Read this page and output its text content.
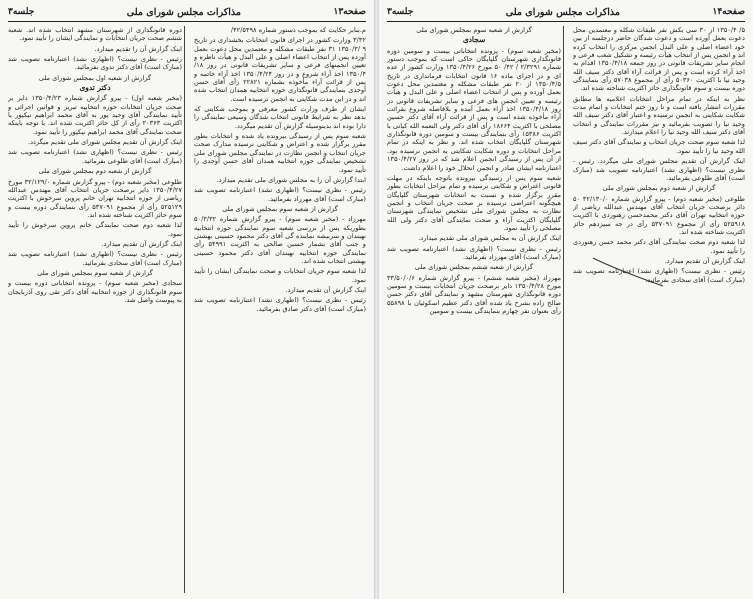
صفحه۱۳
مذاکرات مجلس شورای ملی
جلسه۳
م.بنابر حکایت که بموجب دستور شماره ۴۲/۵۴۹۸/
۳/۳۲ وزارت کشور در اجرای قانون انتخابات بخشداری در تاریخ ۹ /۱۳۵۰/۳ ۳۱ نفر طبقات مشکله و معتمدین محل دعوت بعمل آورده پس از انتخاب اعضاء اصلی و علی البدل و هیأت ناظره و تعیین انجمنهای فرعی و سایر تشریفات قانونی در روز ۱۸/ ۱۳۵۰/۴ اخذ آراء شروع و در روز ۱۳۵۰/۴/۲۴ اخذ آراء خاتمه و پس از قرائت آراء مأخوذه بشماره ۲۲۸۲۱ رأی آقای حسن آوجدی بنمایندگی قانونگذاری حوزه انتخابیه همدان انتخاب شده اند و در این مدت شکایتی به انجمن نرسیده است.
ایشان از طرف وزارت کشور معرفی و بموجب شکایتی که بدهد نظر به شرایط قانونی انتخاب شدگان وسیعی نمایندگی را دارا بوده اند بدینوسیله گزارش آن تقدیم میگردد.
شعبه سوم پس از رسیدگی بپرونده یاد شده و انتخابات بطور مقرر برگزار شده و اعتراض و شکایتی نرسیده مدارک صحت جریان انتخاب و انجمن نظارت در نمایندگی مجلس شورای ملی تشخیص نمایندگی حوزه انتخابیه همدان آقای حسن آوجدی را تأیید نمود.
ابتدا گزارش آن را به مجلس شورای ملی تقدیم میدارد.
رئیس - نظری نیست؟ (اظهاری نشد) اعتبارنامه تصویب شد (مبارک است) آقای مهرزاد بفرمائید.
گزارش از شعبه سوم بمجلس شورای ملی
مهرزاد - (مخبر شعبه سوم) - پیرو گزارش شماره ۵۰/۳/۳۲ بطوریکه پس از بررسی شعبه سوم نمایندگی حوزه انتخابیه نهبندان و سربیشه نماینده گی آقای دکتر محمود حسینی بهشتی و جنب آقای بشمار حسین صالحی به اکثریت ۵۴۹۹۱ رأی نمایندگی حوزه انتخابیه نهبندان آقای دکتر محمود حسینی بهشتی انتخاب شده اند.
لذا شعبه سوم جریان انتخابات و صحت نمایندگی ایشان را تأیید نمود.
اینک گزارش آن تقدیم میدارد.
رئیس - نظری نیست؟ (اظهاری نشد) اعتبارنامه تصویب شد (مبارک است) آقای دکتر صادق بفرمائید.
دوره قانونگذاری از شهرستان مشهد انتخاب شده اند. شعبه ششم صحت جریان انتخابات و نمایندگی ایشان را تأیید نمود.
اینک گزارش آن را تقدیم میدارد.
رئیس - نظری نیست؟ (اظهاری نشد) اعتبارنامه تصویب شد (مبارک است) آقای دکتر تدوی بفرمائید.
گزارش از شعبه اول بمجلس شورای ملی
دکتر تدوی
(مخبر شعبه اول) - پیرو گزارش شماره ۱۳۵۰/۴/۲۳ دایر بر صحت جریان انتخابات حوزه انتخابیه تبریز و قوانین اجرائی و تأیید نمایندگی آقای وحید پور به آقای محمد ابراهیم نیکپور با اکثریت ۲۰۳۶۳ رأی از کل حائز اکثریت شده اند. با توجه باینکه صحت نمایندگی آقای محمد ابراهیم نیکپور را تأیید نمود.
اینک گزارش آن تقدیم مجلس شورای ملی تقدیم میگردد.
رئیس - نظری نیست؟ (اظهاری نشد) اعتبارنامه تصویب شد (مبارک است) آقای طلوعی بفرمائید.
گزارش از شعبه دوم بمجلس شورای ملی
طلوعی (مخبر شعبه دوم) - پیرو گزارش شماره ۳۲/۱۲۹/۰ مورخ ۱۳۵۰/۴/۲۷ دایر برصحت جریان انتخاب آقای مهندس عبدالله ریاضی از حوزه انتخابیه تهران خانم پروین سرخوش با اکثریت ۵۲۵۱۲۹ رأی از مجموع ۵۳۷۰۹۱ رأی بنمایندگی دوره بیست و سوم حائز اکثریت شناخته شده اند.
لذا شعبه دوم صحت نمایندگی خانم پروین سرخوش را تأیید نمود.
اینک گزارش آن تقدیم میدارد.
رئیس - نظری نیست؟ (اظهاری نشد) اعتبارنامه تصویب شد (مبارک است) آقای سجادی بفرمائید.
گزارش از شعبه سوم بمجلس شورای ملی
سجادی (مخبر شعبه سوم) - پرونده انتخاباتی دوره بیست و سوم قانونگذاری از حوزه انتخابیه آقای دکتر تقی روی آذربایجان به پیوست واصل شد.
صفحه۱۴
مذاکرات مجلس شورای ملی
جلسه۳
۵/ ۱۳۵۰/۴ از ۳۰ سی یکش نفر طبقات شکله و معتمدین محل دعوت بعمل آورده است و دعوت شدگان حاضر درجلسه از بین خود اعضاء اصلی و علی البدل انجمن مرکزی را انتخاب کرده اند و انجمن پس از انتخاب هیأت رئیسه و تشکیل شعب فرعی و انجام سایر تشریفات قانونی در روز جمعه ۱۳۵۰/۴/۱۸ اقدام به اخذ آراء کرده است و پس از قرائت آراء آقای دکتر سیف الله وحید نیا با اکثریت ۵۰۳۶۰ رأی از مجموع ۵۷۰۳۸ رأی بنمایندگی دوره بیست و سوم قانونگذاری حائز اکثریت شناخته شده اند.
نظر به اینکه در تمام مراحل انتخابات اعلامیه ها مطابق مقررات انتشار یافته است و تا روز ختم انتخابات و اتمام مدت شکایت شکایتی به انجمن نرسیده و اعتبار آقای دکتر سیف الله وحید نیا را تصویب بفرمائید و نیز مقررات نمایندگی و انتخاب آقای دکتر سیف الله وحید نیا را اعلام میدارند.
لذا شعبه سوم صحت جریان انتخاب و نمایندگی آقای دکتر سیف الله وحید نیا را تأیید نمود.
اینک گزارش آن تقدیم مجلس شورای ملی میگردد. رئیس - نظری نیست؟ (اظهاری نشد) اعتبارنامه تصویب شد (مبارک است) آقای طلوعی بفرمائید.
گزارش از شعبه دوم بمجلس شورای ملی
طلوعی (مخبر شعبه دوم) - پیرو گزارش شماره ۳۲/۱۳۰/۰ ۵۰ دائر برصحت جریان انتخاب آقای مهندس عبدالله ریاضی از حوزه انتخابیه تهران آقای دکتر محمدحسن رهنوردی با اکثریت ۵۲۵۹۱۸ رأی از مجموع ۵۳۷۰۹۱ رأی در جه سیزدهم حائز اکثریت شناخته شده اند.
لذا شعبه دوم صحت نمایندگی آقای دکتر محمد حسن رهنوردی را تأیید نمود.
اینک گزارش آن تقدیم میدارد.
رئیس - نظری نیست؟ (اظهاری نشد) اعتبارنامه تصویب شد (مبارک است) آقای سجادی بفرمائید.
گزارش از شعبه سوم بمجلس شورای ملی
سجادی
(مخبر شعبه سوم) - پرونده انتخاباتی بیست و سومین دوره قانونگذاری شهرستان گلپایگان حاکی است که بموجب دستور شماره ۲/۳۲۹۱ / ۴۲/ ۵۰ مورخ ۱۳۵۰/۴/۲۶ وزارت کشور از عده ای و در اجرای ماده ۱۶ قانون انتخابات فرمانداری در تاریخ ۱۳۵۰/۴/۵ از ۲۰ نفر طبقات مشکله و معتمدین محل دعوت بعمل آورده و پس از انتخاب اعضاء اصلی و علی البدل و هیأت رئیسه و تعیین انجمن های فرعی و سایر تشریفات قانونی در روز ۱۳۵۰/۴/۱۸ اخذ آراء بعمل آمده و بلافاصله شروع بقرائت آراء مأخوذه شده است و پس از قرائت آراء آقای دکتر حسین مصلحی با اکثریت ۱۸۶۶۴ رأی آقای دکتر ولی النعمه الله کیانی با اکثریت ۱۵۳۸۶ رأی بنمایندگی بیست و سومین دوره قانونگذاری شهرستان گلپایگان انتخاب شده اند. و نظر به اینکه در تمام مراحل انتخابات و دوره شکایت شکایتی به انجمن نرسیده بود. از آن پس از رسیدگی انجمن اعلام شد که در روز ۱۳۵۰/۴/۲۷ اعتبارنامه ایشان صادر و انجمن انحلال خود را اعلام داشت.
شعبه سوم پس از رسیدگی بپرونده باتوجه باینکه در مهلت قانونی اعتراض و شکایتی نرسیده و تمام مراحل انتخابات بطور مقرر برگزار شده و نسبت به انتخابات شهرستان گلپایگان هیچگونه اعتراضی نرسیده بر صحت جریان انتخاب و انجمن نظارت به مجلس شورای ملی تشخیص نمایندگی شهرستان گلپایگان اکثریت آراء و صحت نمایندگی آقای دکتر ولی الله مصلحی را تأیید نمود.
اینک گزارش آن به مجلس شورای ملی تقدیم میدارد.
رئیس - نظری نیست؟ (اظهاری نشد) اعتبارنامه تصویب شد (مبارک است) آقای مهرزاد بفرمائید.
گزارش از شعبه ششم بمجلس شورای ملی
مهرزاد (مخبر شعبه ششم) - پیرو گزارش شماره ۳۳/۵۰/۰/۶ مورخ ۱۳۵۰/۴/۲۸ دایر برصحت جریان انتخابات بیست و سومین دوره قانونگذاری شهرستان مشهد و نمایندگی آقای دکتر حسن صالح زاده بشرح یاد شده آقای دکتر عظیم اسکوئیان با ۵۵۸۹۸ رأی بعنوان نفر چهارم بنمایندگی بیست و سومین
